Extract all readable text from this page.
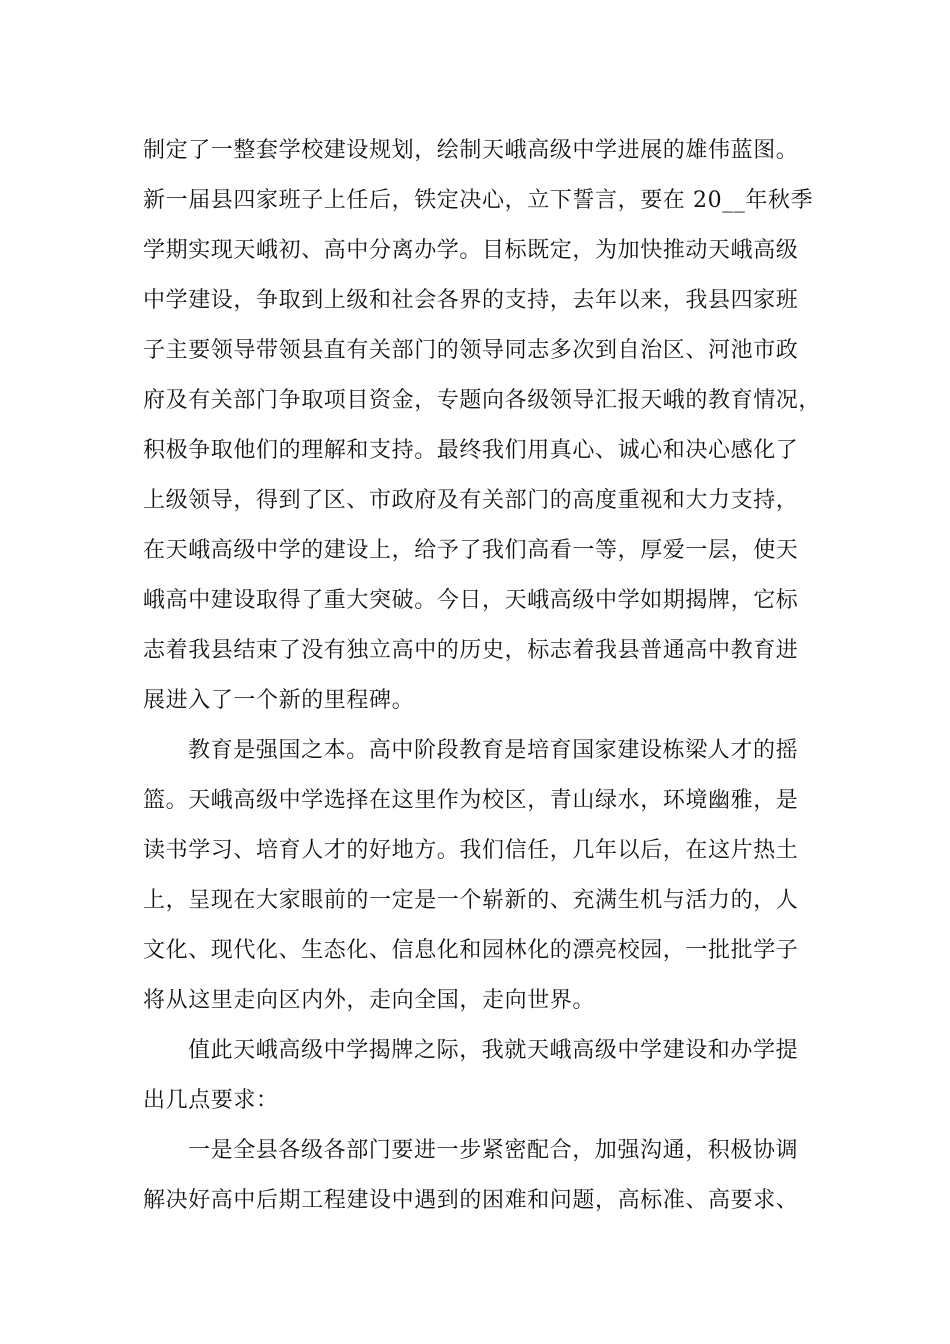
制定了一整套学校建设规划，绘制天峨高级中学进展的雄伟蓝图。
新一届县四家班子上任后，铁定决心，立下誓言，要在 20__年秋季
学期实现天峨初、高中分离办学。目标既定，为加快推动天峨高级
中学建设，争取到上级和社会各界的支持，去年以来，我县四家班
子主要领导带领县直有关部门的领导同志多次到自治区、河池市政
府及有关部门争取项目资金，专题向各级领导汇报天峨的教育情况，
积极争取他们的理解和支持。最终我们用真心、诚心和决心感化了
上级领导，得到了区、市政府及有关部门的高度重视和大力支持，
在天峨高级中学的建设上，给予了我们高看一等，厚爱一层，使天
峨高中建设取得了重大突破。今日，天峨高级中学如期揭牌，它标
志着我县结束了没有独立高中的历史，标志着我县普通高中教育进
展进入了一个新的里程碑。
教育是强国之本。高中阶段教育是培育国家建设栋梁人才的摇
篮。天峨高级中学选择在这里作为校区，青山绿水，环境幽雅，是
读书学习、培育人才的好地方。我们信任，几年以后，在这片热土
上，呈现在大家眼前的一定是一个崭新的、充满生机与活力的，人
文化、现代化、生态化、信息化和园林化的漂亮校园，一批批学子
将从这里走向区内外，走向全国，走向世界。
值此天峨高级中学揭牌之际，我就天峨高级中学建设和办学提
出几点要求：
一是全县各级各部门要进一步紧密配合，加强沟通，积极协调
解决好高中后期工程建设中遇到的困难和问题，高标准、高要求、
